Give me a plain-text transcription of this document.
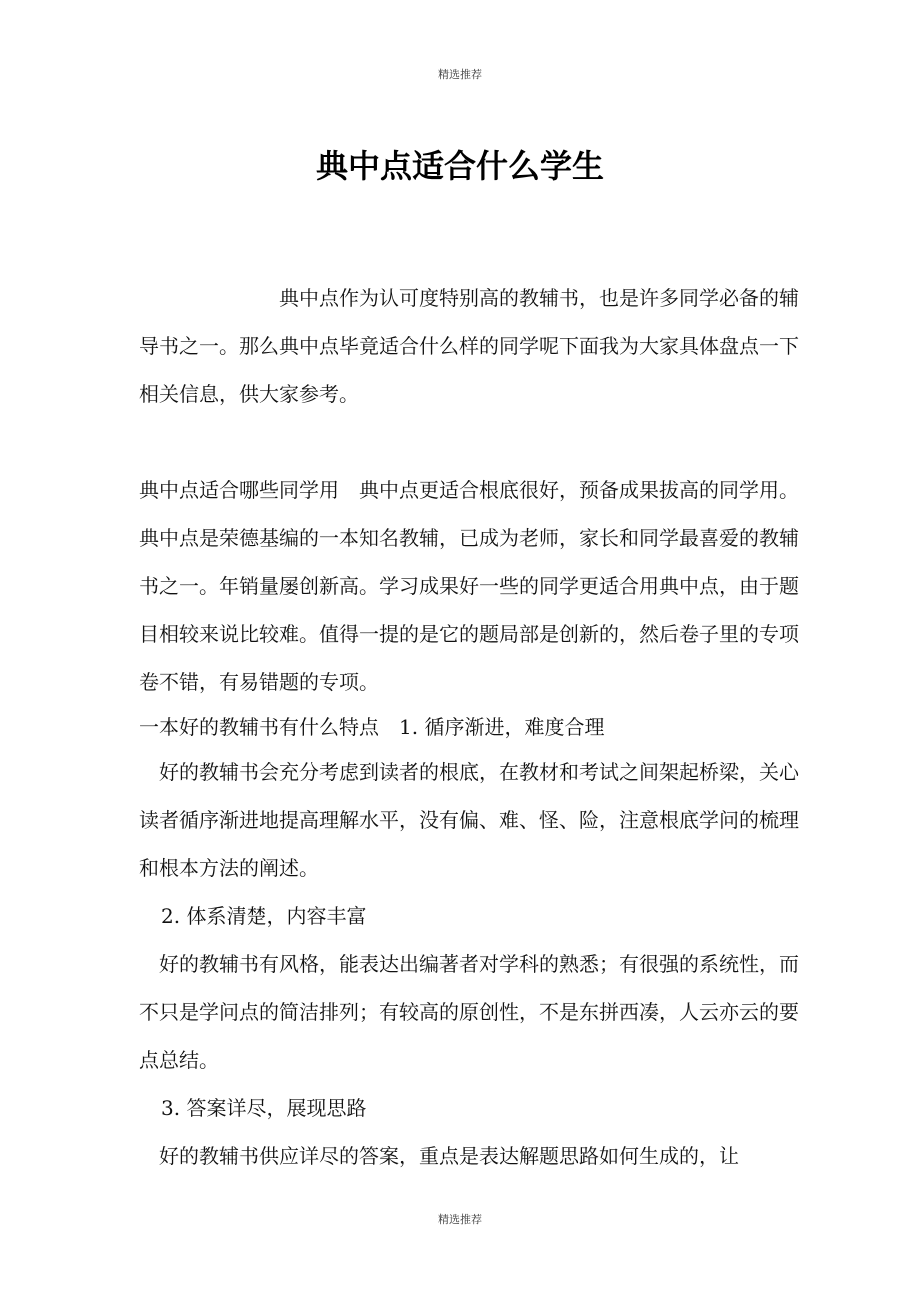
精选推荐
典中点适合什么学生

典中点作为认可度特别高的教辅书，也是许多同学必备的辅导书之一。那么典中点毕竟适合什么样的同学呢下面我为大家具体盘点一下相关信息，供大家参考。

典中点适合哪些同学用　典中点更适合根底很好，预备成果拔高的同学用。典中点是荣德基编的一本知名教辅，已成为老师，家长和同学最喜爱的教辅书之一。年销量屡创新高。学习成果好一些的同学更适合用典中点，由于题目相较来说比较难。值得一提的是它的题局部是创新的，然后卷子里的专项卷不错，有易错题的专项。

一本好的教辅书有什么特点　1. 循序渐进，难度合理

好的教辅书会充分考虑到读者的根底，在教材和考试之间架起桥梁，关心读者循序渐进地提高理解水平，没有偏、难、怪、险，注意根底学问的梳理和根本方法的阐述。

2. 体系清楚，内容丰富

好的教辅书有风格，能表达出编著者对学科的熟悉；有很强的系统性，而不只是学问点的简洁排列；有较高的原创性，不是东拼西凑，人云亦云的要点总结。

3. 答案详尽，展现思路

好的教辅书供应详尽的答案，重点是表达解题思路如何生成的，让

精选推荐
